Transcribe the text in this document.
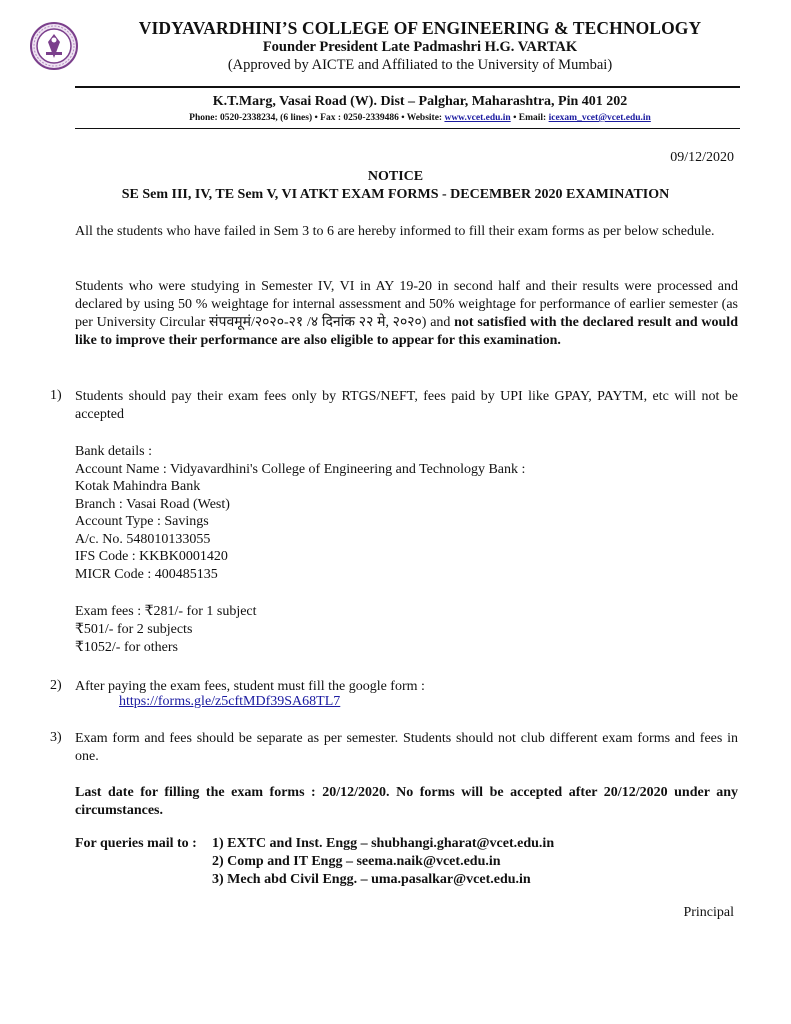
VIDYAVARDHINI’S COLLEGE OF ENGINEERING & TECHNOLOGY
Founder President Late Padmashri H.G. VARTAK
(Approved by AICTE and Affiliated to the University of Mumbai)
K.T.Marg, Vasai Road (W). Dist – Palghar, Maharashtra, Pin 401 202
Phone: 0520-2338234, (6 lines) • Fax : 0250-2339486 • Website: www.vcet.edu.in • Email: icexam_vcet@vcet.edu.in
09/12/2020
NOTICE
SE Sem III, IV, TE Sem V, VI ATKT EXAM FORMS - DECEMBER 2020 EXAMINATION
All the students who have failed in Sem 3 to 6 are hereby informed to fill their exam forms as per below schedule.
Students who were studying in Semester IV, VI in AY 19-20 in second half and their results were processed and declared by using 50 % weightage for internal assessment and 50% weightage for performance of earlier semester (as per University Circular संपवमूमं/२०२०-२१ /४ दिनांक २२ मे, २०२०) and not satisfied with the declared result and would like to improve their performance are also eligible to appear for this examination.
1) Students should pay their exam fees only by RTGS/NEFT, fees paid by UPI like GPAY, PAYTM, etc will not be accepted
Bank details :
Account Name : Vidyavardhini's College of Engineering and Technology Bank :
Kotak Mahindra Bank
Branch : Vasai Road (West)
Account Type : Savings
A/c. No. 548010133055
IFS Code : KKBK0001420
MICR Code : 400485135
Exam fees : ₹281/- for 1 subject
₹501/- for 2 subjects
₹1052/- for others
2) After paying the exam fees, student must fill the google form :
https://forms.gle/z5cftMDf39SA68TL7
3) Exam form and fees should be separate as per semester. Students should not club different exam forms and fees in one.
Last date for filling the exam forms : 20/12/2020. No forms will be accepted after 20/12/2020 under any circumstances.
For queries mail to : 1) EXTC and Inst. Engg – shubhangi.gharat@vcet.edu.in
2) Comp and IT Engg – seema.naik@vcet.edu.in
3) Mech abd Civil Engg. – uma.pasalkar@vcet.edu.in
Principal
